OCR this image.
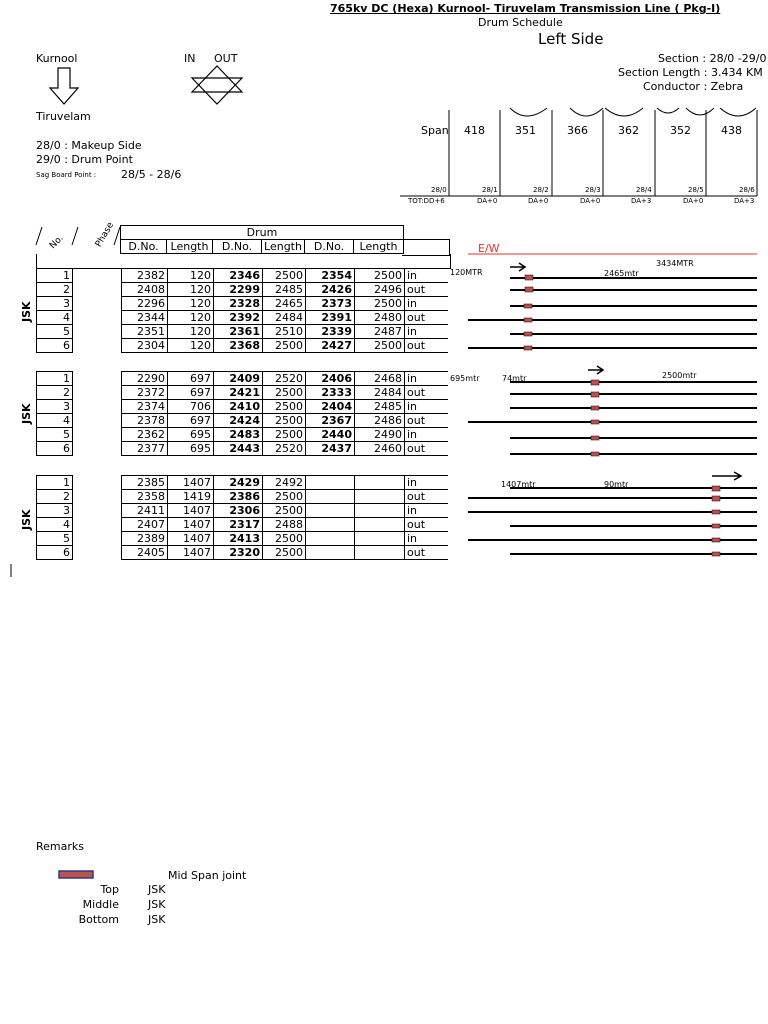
765kv DC (Hexa) Kurnool- Tiruvelam Transmission Line ( Pkg-I)
Drum Schedule
Left Side
Kurnool	IN OUT
Tiruvelam
28/0 : Makeup Side
29/0 : Drum Point
Sag Board Point : 28/5 - 28/6
Section : 28/0 -29/0
Section Length : 3.434 KM
Conductor : Zebra
Span 418	351	366	362	352	438
28/0	28/1	28/2	28/3	28/4	28/5	28/6
TOT:DD+6	DA+0	DA+0	DA+0	DA+3	DA+0	DA+3
E/W
120MTR
3434MTR
2465mtr
695mtr	74mtr	2500mtr
1407mtr	90mtr
No.	Phase	Drum
D.No.	Length	D.No.	Length	D.No.	Length
JSK
1		2382	120	2346	2500	2354	2500	in
2		2408	120	2299	2485	2426	2496	out
3		2296	120	2328	2465	2373	2500	in
4		2344	120	2392	2484	2391	2480	out
5		2351	120	2361	2510	2339	2487	in
6		2304	120	2368	2500	2427	2500	out
JSK
1		2290	697	2409	2520	2406	2468	in
2		2372	697	2421	2500	2333	2484	out
3		2374	706	2410	2500	2404	2485	in
4		2378	697	2424	2500	2367	2486	out
5		2362	695	2483	2500	2440	2490	in
6		2377	695	2443	2520	2437	2460	out
JSK
1		2385	1407	2429	2492			in
2		2358	1419	2386	2500			out
3		2411	1407	2306	2500			in
4		2407	1407	2317	2488			out
5		2389	1407	2413	2500			in
6		2405	1407	2320	2500			out
Remarks
Mid Span joint
Top	JSK
Middle	JSK
Bottom	JSK
